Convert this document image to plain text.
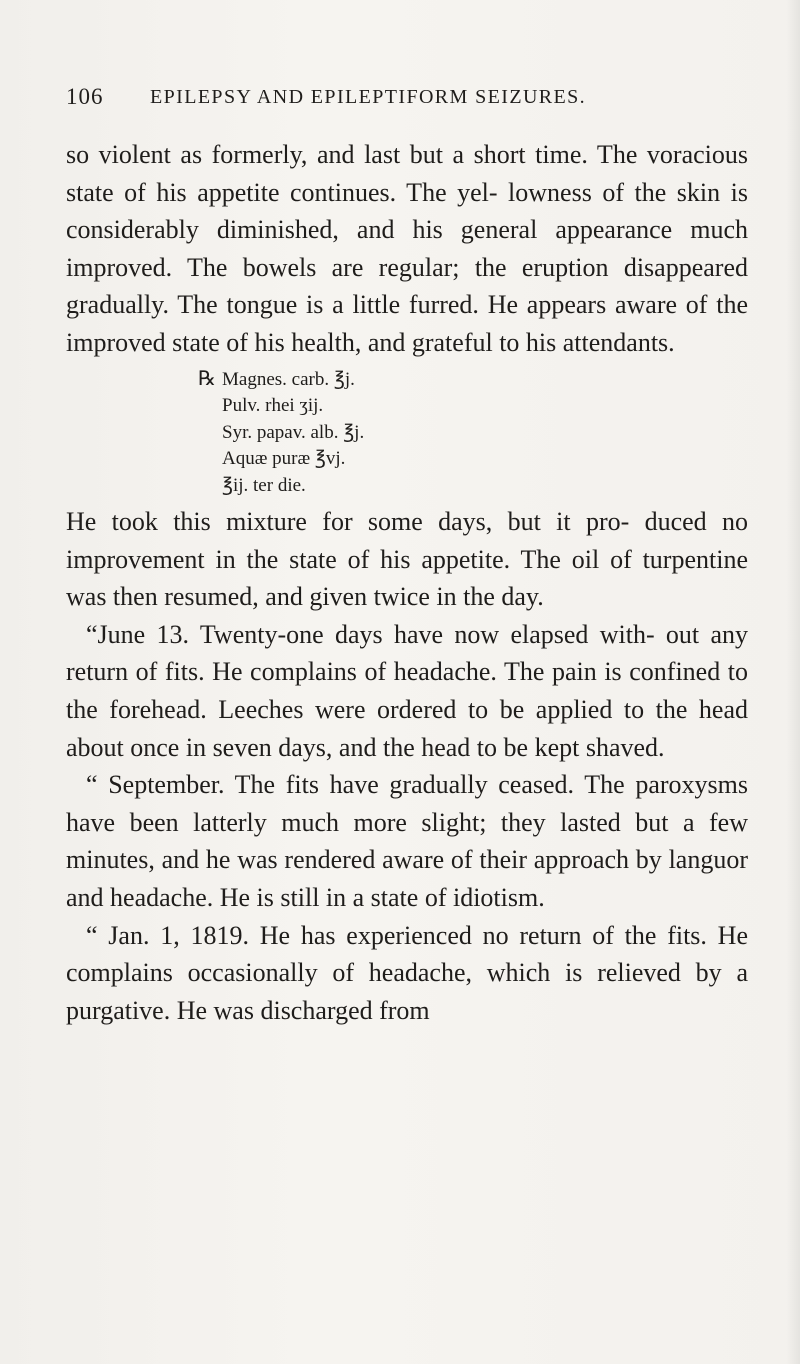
106 EPILEPSY AND EPILEPTIFORM SEIZURES.

so violent as formerly, and last but a short time. The voracious state of his appetite continues. The yel- lowness of the skin is considerably diminished, and his general appearance much improved. The bowels are regular; the eruption disappeared gradually. The tongue is a little furred. He appears aware of the improved state of his health, and grateful to his attendants.

℞ Magnes. carb. ℥j.
Pulv. rhei ʒij.
Syr. papav. alb. ℥j.
Aquæ puræ ℥vj.
℥ij. ter die.

He took this mixture for some days, but it pro- duced no improvement in the state of his appetite. The oil of turpentine was then resumed, and given twice in the day.

“June 13. Twenty-one days have now elapsed with- out any return of fits. He complains of headache. The pain is confined to the forehead. Leeches were ordered to be applied to the head about once in seven days, and the head to be kept shaved.

“ September. The fits have gradually ceased. The paroxysms have been latterly much more slight; they lasted but a few minutes, and he was rendered aware of their approach by languor and headache. He is still in a state of idiotism.

“ Jan. 1, 1819. He has experienced no return of the fits. He complains occasionally of headache, which is relieved by a purgative. He was discharged from
